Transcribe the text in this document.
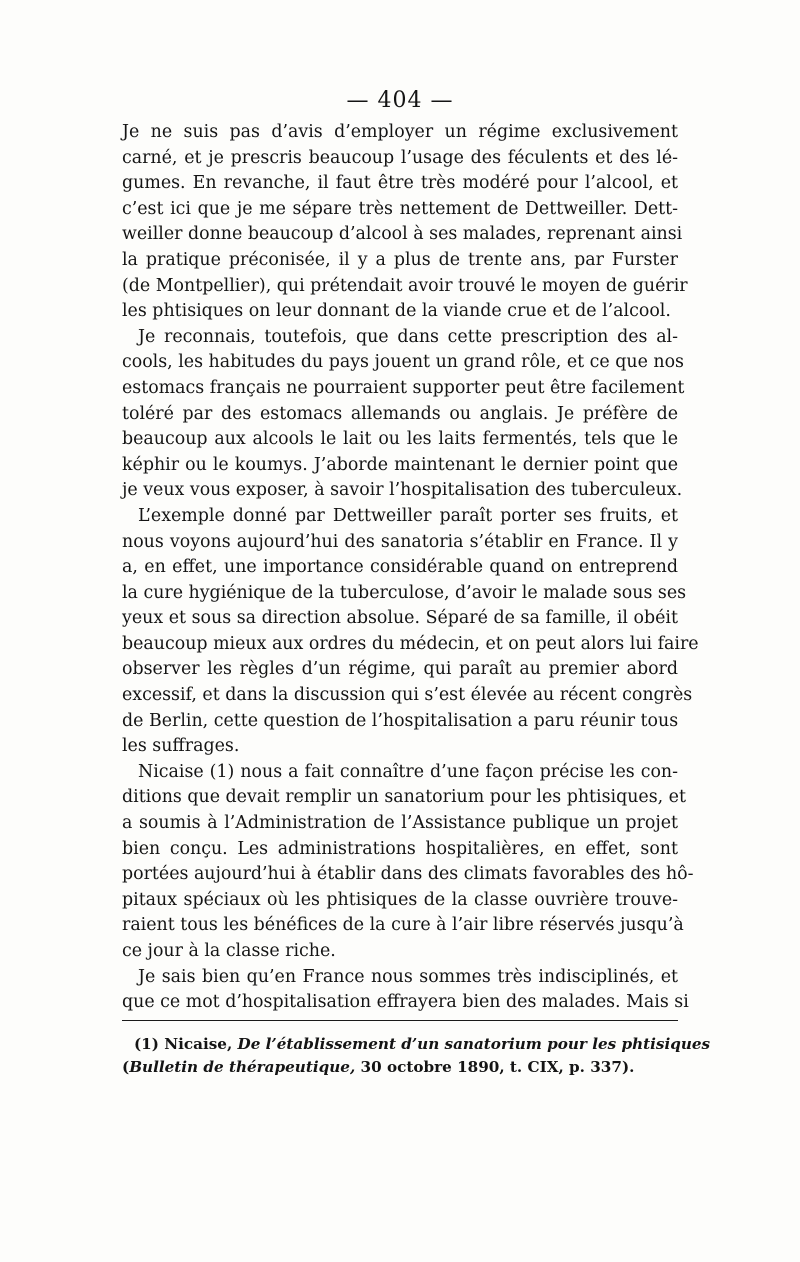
— 404 —
Je ne suis pas d’avis d’employer un régime exclusivement
carné, et je prescris beaucoup l’usage des féculents et des lé-
gumes. En revanche, il faut être très modéré pour l’alcool, et
c’est ici que je me sépare très nettement de Dettweiller. Dett-
weiller donne beaucoup d’alcool à ses malades, reprenant ainsi
la pratique préconisée, il y a plus de trente ans, par Furster
(de Montpellier), qui prétendait avoir trouvé le moyen de guérir
les phtisiques on leur donnant de la viande crue et de l’alcool.
Je reconnais, toutefois, que dans cette prescription des al-
cools, les habitudes du pays jouent un grand rôle, et ce que nos
estomacs français ne pourraient supporter peut être facilement
toléré par des estomacs allemands ou anglais. Je préfère de
beaucoup aux alcools le lait ou les laits fermentés, tels que le
képhir ou le koumys. J’aborde maintenant le dernier point que
je veux vous exposer, à savoir l’hospitalisation des tuberculeux.
L’exemple donné par Dettweiller paraît porter ses fruits, et
nous voyons aujourd’hui des sanatoria s’établir en France. Il y
a, en effet, une importance considérable quand on entreprend
la cure hygiénique de la tuberculose, d’avoir le malade sous ses
yeux et sous sa direction absolue. Séparé de sa famille, il obéit
beaucoup mieux aux ordres du médecin, et on peut alors lui faire
observer les règles d’un régime, qui paraît au premier abord
excessif, et dans la discussion qui s’est élevée au récent congrès
de Berlin, cette question de l’hospitalisation a paru réunir tous
les suffrages.
Nicaise (1) nous a fait connaître d’une façon précise les con-
ditions que devait remplir un sanatorium pour les phtisiques, et
a soumis à l’Administration de l’Assistance publique un projet
bien conçu. Les administrations hospitalières, en effet, sont
portées aujourd’hui à établir dans des climats favorables des hô-
pitaux spéciaux où les phtisiques de la classe ouvrière trouve-
raient tous les bénéfices de la cure à l’air libre réservés jusqu’à
ce jour à la classe riche.
Je sais bien qu’en France nous sommes très indisciplinés, et
que ce mot d’hospitalisation effrayera bien des malades. Mais si
(1) Nicaise, De l’établissement d’un sanatorium pour les phtisiques
(Bulletin de thérapeutique, 30 octobre 1890, t. CIX, p. 337).
